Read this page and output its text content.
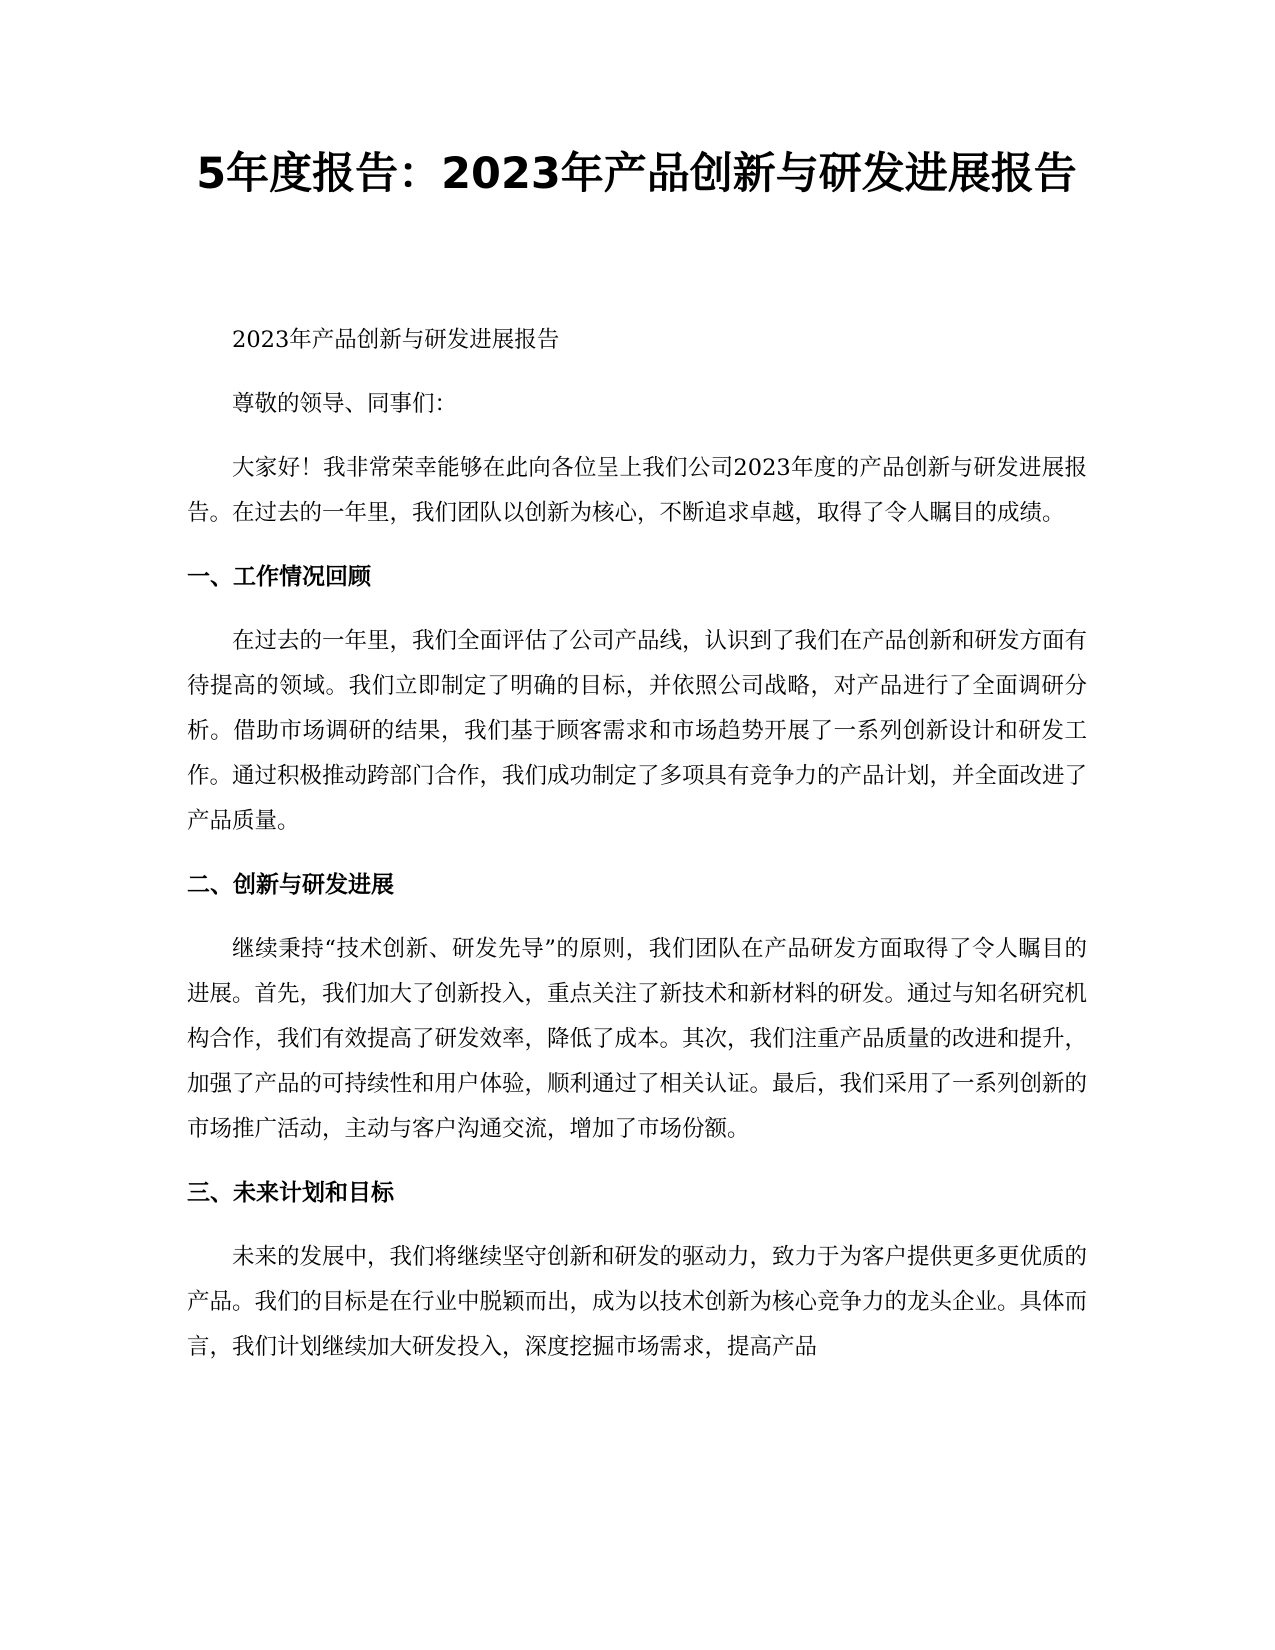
5年度报告：2023年产品创新与研发进展报告

2023年产品创新与研发进展报告

尊敬的领导、同事们：

大家好！我非常荣幸能够在此向各位呈上我们公司2023年度的产品创新与研发进展报告。在过去的一年里，我们团队以创新为核心，不断追求卓越，取得了令人瞩目的成绩。

一、工作情况回顾

在过去的一年里，我们全面评估了公司产品线，认识到了我们在产品创新和研发方面有待提高的领域。我们立即制定了明确的目标，并依照公司战略，对产品进行了全面调研分析。借助市场调研的结果，我们基于顾客需求和市场趋势开展了一系列创新设计和研发工作。通过积极推动跨部门合作，我们成功制定了多项具有竞争力的产品计划，并全面改进了产品质量。

二、创新与研发进展

继续秉持“技术创新、研发先导”的原则，我们团队在产品研发方面取得了令人瞩目的进展。首先，我们加大了创新投入，重点关注了新技术和新材料的研发。通过与知名研究机构合作，我们有效提高了研发效率，降低了成本。其次，我们注重产品质量的改进和提升，加强了产品的可持续性和用户体验，顺利通过了相关认证。最后，我们采用了一系列创新的市场推广活动，主动与客户沟通交流，增加了市场份额。

三、未来计划和目标

未来的发展中，我们将继续坚守创新和研发的驱动力，致力于为客户提供更多更优质的产品。我们的目标是在行业中脱颖而出，成为以技术创新为核心竞争力的龙头企业。具体而言，我们计划继续加大研发投入，深度挖掘市场需求，提高产品
